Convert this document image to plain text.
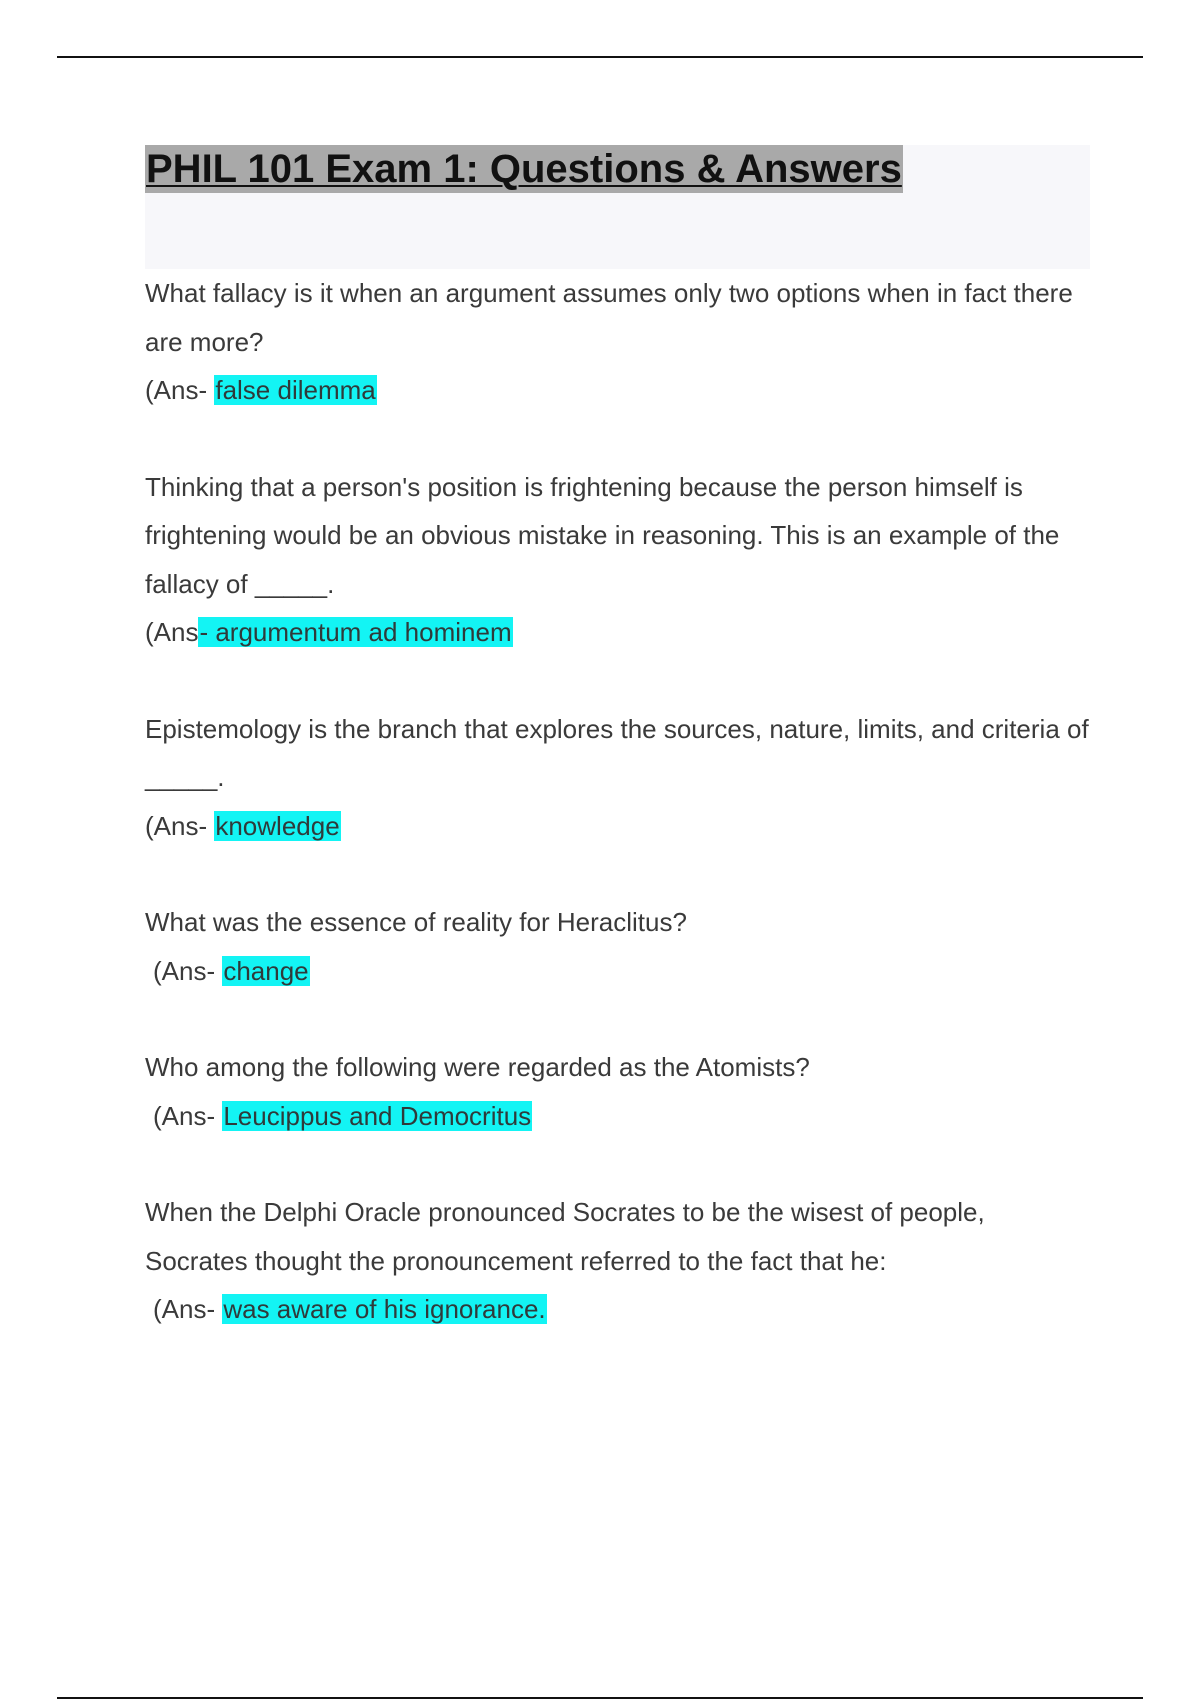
PHIL 101 Exam 1: Questions & Answers
What fallacy is it when an argument assumes only two options when in fact there are more?
(Ans- false dilemma
Thinking that a person's position is frightening because the person himself is frightening would be an obvious mistake in reasoning. This is an example of the fallacy of _____.
(Ans- argumentum ad hominem
Epistemology is the branch that explores the sources, nature, limits, and criteria of _____.
(Ans- knowledge
What was the essence of reality for Heraclitus?
(Ans- change
Who among the following were regarded as the Atomists?
(Ans- Leucippus and Democritus
When the Delphi Oracle pronounced Socrates to be the wisest of people, Socrates thought the pronouncement referred to the fact that he:
(Ans- was aware of his ignorance.
